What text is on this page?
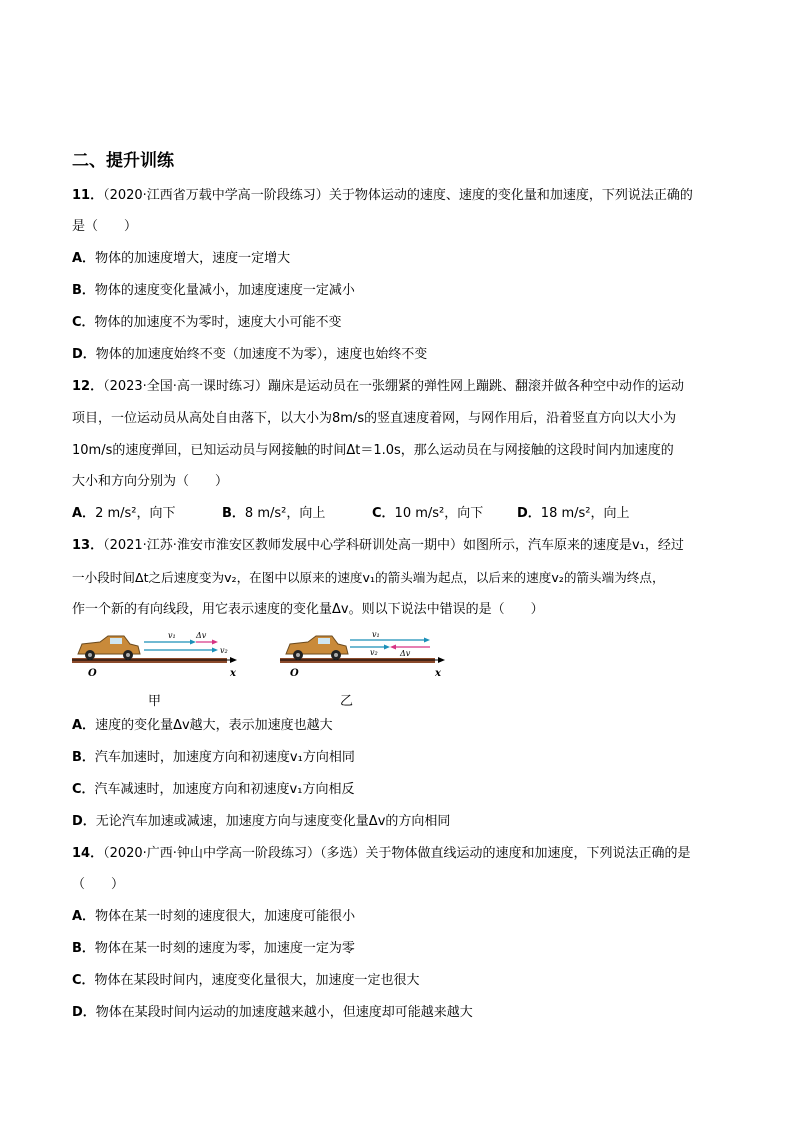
二、提升训练
11．（2020·江西省万载中学高一阶段练习）关于物体运动的速度、速度的变化量和加速度，下列说法正确的
是（　　）
A．物体的加速度增大，速度一定增大
B．物体的速度变化量减小，加速度速度一定减小
C．物体的加速度不为零时，速度大小可能不变
D．物体的加速度始终不变（加速度不为零），速度也始终不变
12．（2023·全国·高一课时练习）蹦床是运动员在一张绷紧的弹性网上蹦跳、翻滚并做各种空中动作的运动
项目，一位运动员从高处自由落下，以大小为8m/s的竖直速度着网，与网作用后，沿着竖直方向以大小为
10m/s的速度弹回，已知运动员与网接触的时间Δt＝1.0s，那么运动员在与网接触的这段时间内加速度的
大小和方向分别为（　　）
A．2 m/s²，向下	B．8 m/s²，向上	C．10 m/s²，向下	D．18 m/s²，向上
13．（2021·江苏·淮安市淮安区教师发展中心学科研训处高一期中）如图所示，汽车原来的速度是v₁，经过
一小段时间Δt之后速度变为v₂，在图中以原来的速度v₁的箭头端为起点，以后来的速度v₂的箭头端为终点，
作一个新的有向线段，用它表示速度的变化量Δv。则以下说法中错误的是（　　）
v₁	Δv
v₂
O	x
甲
v₁
v₂	Δv
O	x
乙
A．速度的变化量Δv越大，表示加速度也越大
B．汽车加速时，加速度方向和初速度v₁方向相同
C．汽车减速时，加速度方向和初速度v₁方向相反
D．无论汽车加速或减速，加速度方向与速度变化量Δv的方向相同
14．（2020·广西·钟山中学高一阶段练习）（多选）关于物体做直线运动的速度和加速度，下列说法正确的是
（　　）
A．物体在某一时刻的速度很大，加速度可能很小
B．物体在某一时刻的速度为零，加速度一定为零
C．物体在某段时间内，速度变化量很大，加速度一定也很大
D．物体在某段时间内运动的加速度越来越小，但速度却可能越来越大
